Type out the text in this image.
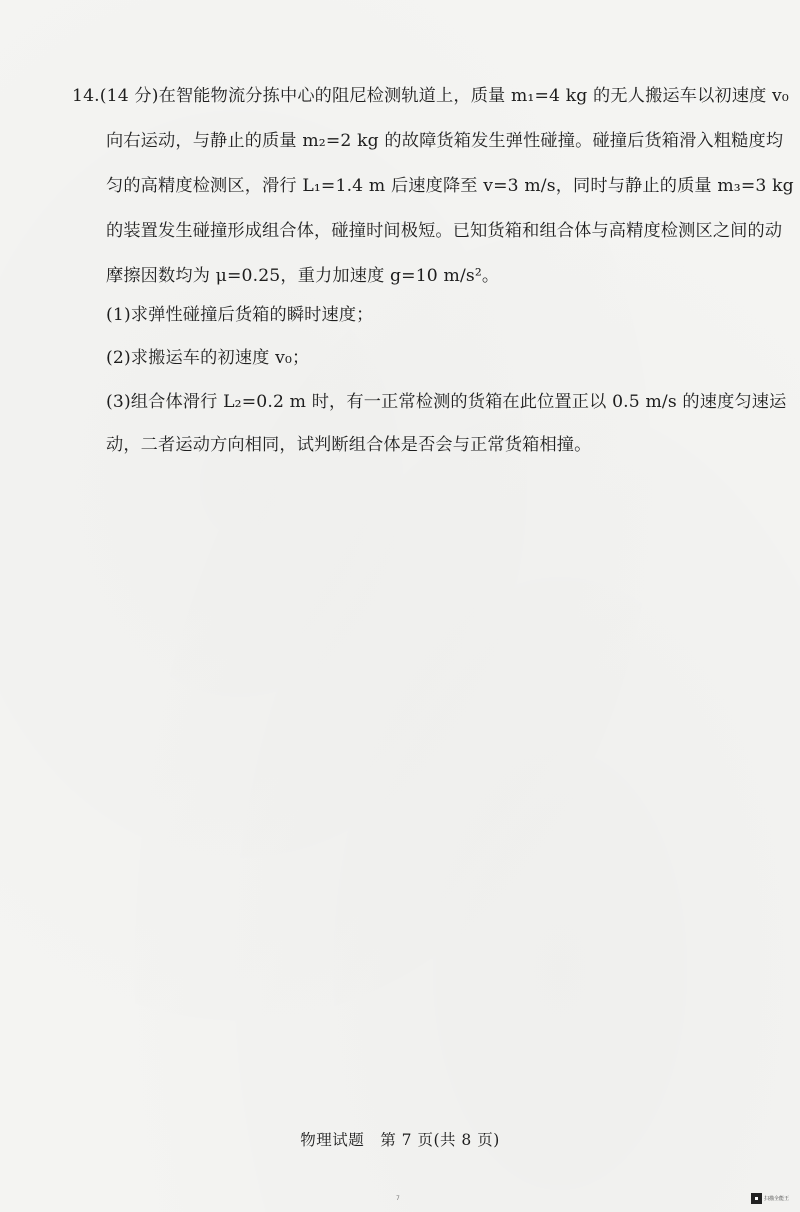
14.(14 分)在智能物流分拣中心的阻尼检测轨道上，质量 m₁=4 kg 的无人搬运车以初速度 v₀
向右运动，与静止的质量 m₂=2 kg 的故障货箱发生弹性碰撞。碰撞后货箱滑入粗糙度均
匀的高精度检测区，滑行 L₁=1.4 m 后速度降至 v=3 m/s，同时与静止的质量 m₃=3 kg
的装置发生碰撞形成组合体，碰撞时间极短。已知货箱和组合体与高精度检测区之间的动
摩擦因数均为 μ=0.25，重力加速度 g=10 m/s²。
(1)求弹性碰撞后货箱的瞬时速度；
(2)求搬运车的初速度 v₀；
(3)组合体滑行 L₂=0.2 m 时，有一正常检测的货箱在此位置正以 0.5 m/s 的速度匀速运
动，二者运动方向相同，试判断组合体是否会与正常货箱相撞。
物理试题　第 7 页(共 8 页)
7	扫描全能王
